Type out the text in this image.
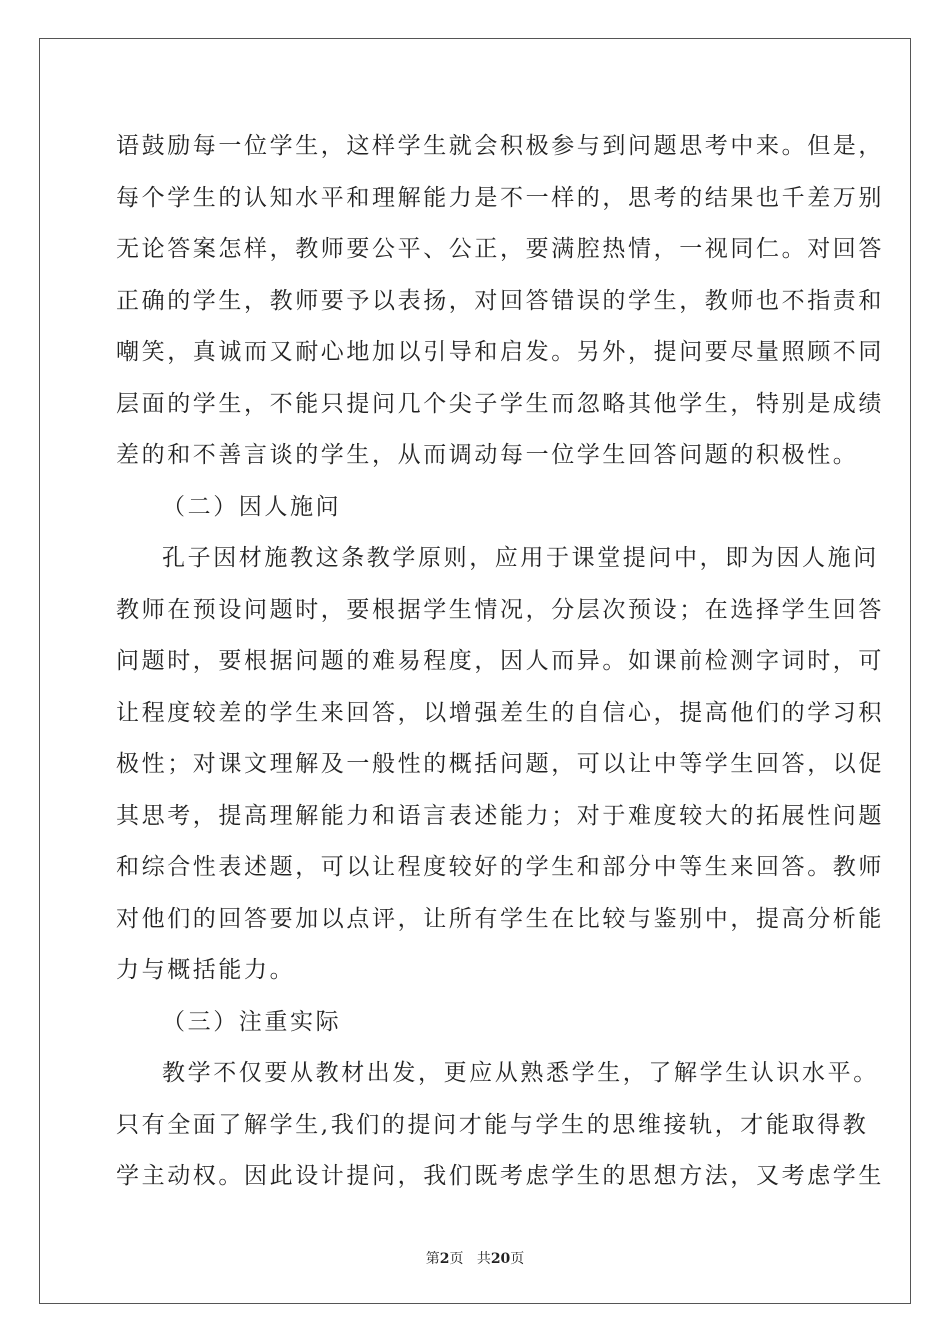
语鼓励每一位学生，这样学生就会积极参与到问题思考中来。但是，
每个学生的认知水平和理解能力是不一样的，思考的结果也千差万别
无论答案怎样，教师要公平、公正，要满腔热情，一视同仁。对回答
正确的学生，教师要予以表扬，对回答错误的学生，教师也不指责和
嘲笑，真诚而又耐心地加以引导和启发。另外，提问要尽量照顾不同
层面的学生，不能只提问几个尖子学生而忽略其他学生，特别是成绩
差的和不善言谈的学生，从而调动每一位学生回答问题的积极性。
（二）因人施问
孔子因材施教这条教学原则，应用于课堂提问中，即为因人施问
教师在预设问题时，要根据学生情况，分层次预设；在选择学生回答
问题时，要根据问题的难易程度，因人而异。如课前检测字词时，可
让程度较差的学生来回答，以增强差生的自信心，提高他们的学习积
极性；对课文理解及一般性的概括问题，可以让中等学生回答，以促
其思考，提高理解能力和语言表述能力；对于难度较大的拓展性问题
和综合性表述题，可以让程度较好的学生和部分中等生来回答。教师
对他们的回答要加以点评，让所有学生在比较与鉴别中，提高分析能
力与概括能力。
（三）注重实际
教学不仅要从教材出发，更应从熟悉学生，了解学生认识水平。
只有全面了解学生,我们的提问才能与学生的思维接轨，才能取得教
学主动权。因此设计提问，我们既考虑学生的思想方法，又考虑学生
第2页 共20页
